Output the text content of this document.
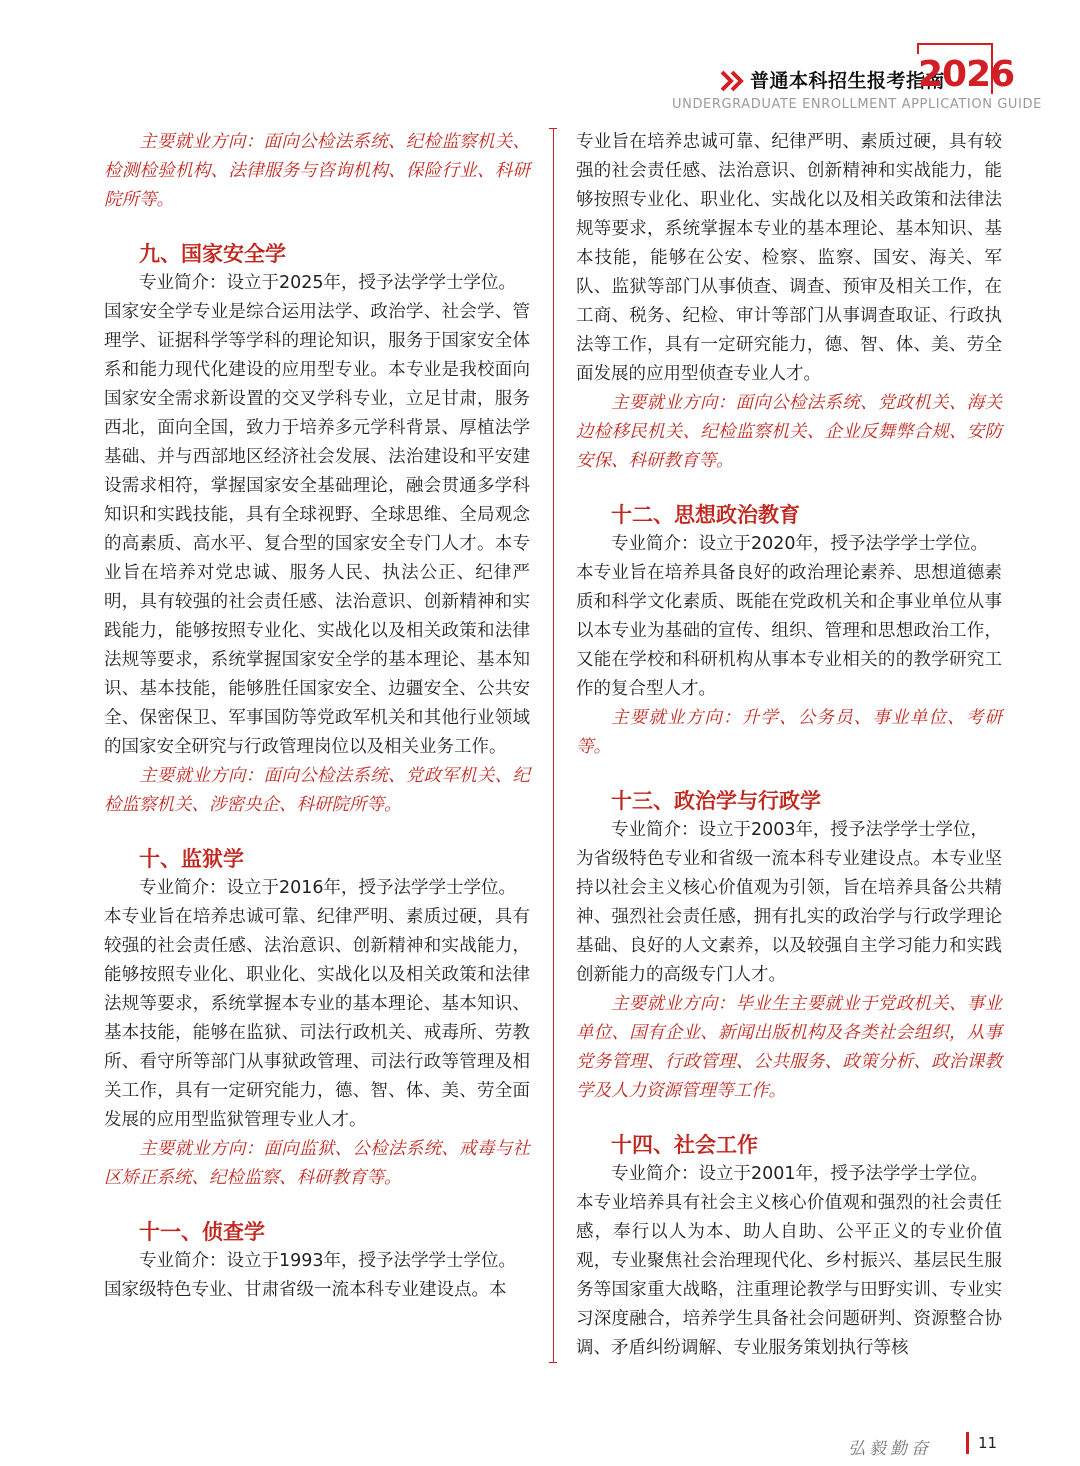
普通本科招生报考指南
2026
UNDERGRADUATE ENROLLMENT APPLICATION GUIDE

主要就业方向：面向公检法系统、纪检监察机关、检测检验机构、法律服务与咨询机构、保险行业、科研院所等。

九、国家安全学

专业简介：设立于2025年，授予法学学士学位。

国家安全学专业是综合运用法学、政治学、社会学、管理学、证据科学等学科的理论知识，服务于国家安全体系和能力现代化建设的应用型专业。本专业是我校面向国家安全需求新设置的交叉学科专业，立足甘肃，服务西北，面向全国，致力于培养多元学科背景、厚植法学基础、并与西部地区经济社会发展、法治建设和平安建设需求相符，掌握国家安全基础理论，融会贯通多学科知识和实践技能，具有全球视野、全球思维、全局观念的高素质、高水平、复合型的国家安全专门人才。本专业旨在培养对党忠诚、服务人民、执法公正、纪律严明，具有较强的社会责任感、法治意识、创新精神和实践能力，能够按照专业化、实战化以及相关政策和法律法规等要求，系统掌握国家安全学的基本理论、基本知识、基本技能，能够胜任国家安全、边疆安全、公共安全、保密保卫、军事国防等党政军机关和其他行业领域的国家安全研究与行政管理岗位以及相关业务工作。

主要就业方向：面向公检法系统、党政军机关、纪检监察机关、涉密央企、科研院所等。

十、监狱学

专业简介：设立于2016年，授予法学学士学位。

本专业旨在培养忠诚可靠、纪律严明、素质过硬，具有较强的社会责任感、法治意识、创新精神和实战能力，能够按照专业化、职业化、实战化以及相关政策和法律法规等要求，系统掌握本专业的基本理论、基本知识、基本技能，能够在监狱、司法行政机关、戒毒所、劳教所、看守所等部门从事狱政管理、司法行政等管理及相关工作，具有一定研究能力，德、智、体、美、劳全面发展的应用型监狱管理专业人才。

主要就业方向：面向监狱、公检法系统、戒毒与社区矫正系统、纪检监察、科研教育等。

十一、侦查学

专业简介：设立于1993年，授予法学学士学位。

国家级特色专业、甘肃省级一流本科专业建设点。本

专业旨在培养忠诚可靠、纪律严明、素质过硬，具有较强的社会责任感、法治意识、创新精神和实战能力，能够按照专业化、职业化、实战化以及相关政策和法律法规等要求，系统掌握本专业的基本理论、基本知识、基本技能，能够在公安、检察、监察、国安、海关、军队、监狱等部门从事侦查、调查、预审及相关工作，在工商、税务、纪检、审计等部门从事调查取证、行政执法等工作，具有一定研究能力，德、智、体、美、劳全面发展的应用型侦查专业人才。

主要就业方向：面向公检法系统、党政机关、海关边检移民机关、纪检监察机关、企业反舞弊合规、安防安保、科研教育等。

十二、思想政治教育

专业简介：设立于2020年，授予法学学士学位。

本专业旨在培养具备良好的政治理论素养、思想道德素质和科学文化素质、既能在党政机关和企事业单位从事以本专业为基础的宣传、组织、管理和思想政治工作，又能在学校和科研机构从事本专业相关的的教学研究工作的复合型人才。

主要就业方向：升学、公务员、事业单位、考研等。

十三、政治学与行政学

专业简介：设立于2003年，授予法学学士学位，

为省级特色专业和省级一流本科专业建设点。本专业坚持以社会主义核心价值观为引领，旨在培养具备公共精神、强烈社会责任感，拥有扎实的政治学与行政学理论基础、良好的人文素养，以及较强自主学习能力和实践创新能力的高级专门人才。

主要就业方向：毕业生主要就业于党政机关、事业单位、国有企业、新闻出版机构及各类社会组织，从事党务管理、行政管理、公共服务、政策分析、政治课教学及人力资源管理等工作。

十四、社会工作

专业简介：设立于2001年，授予法学学士学位。

本专业培养具有社会主义核心价值观和强烈的社会责任感，奉行以人为本、助人自助、公平正义的专业价值观，专业聚焦社会治理现代化、乡村振兴、基层民生服务等国家重大战略，注重理论教学与田野实训、专业实习深度融合，培养学生具备社会问题研判、资源整合协调、矛盾纠纷调解、专业服务策划执行等核

弘毅勤奋	11
